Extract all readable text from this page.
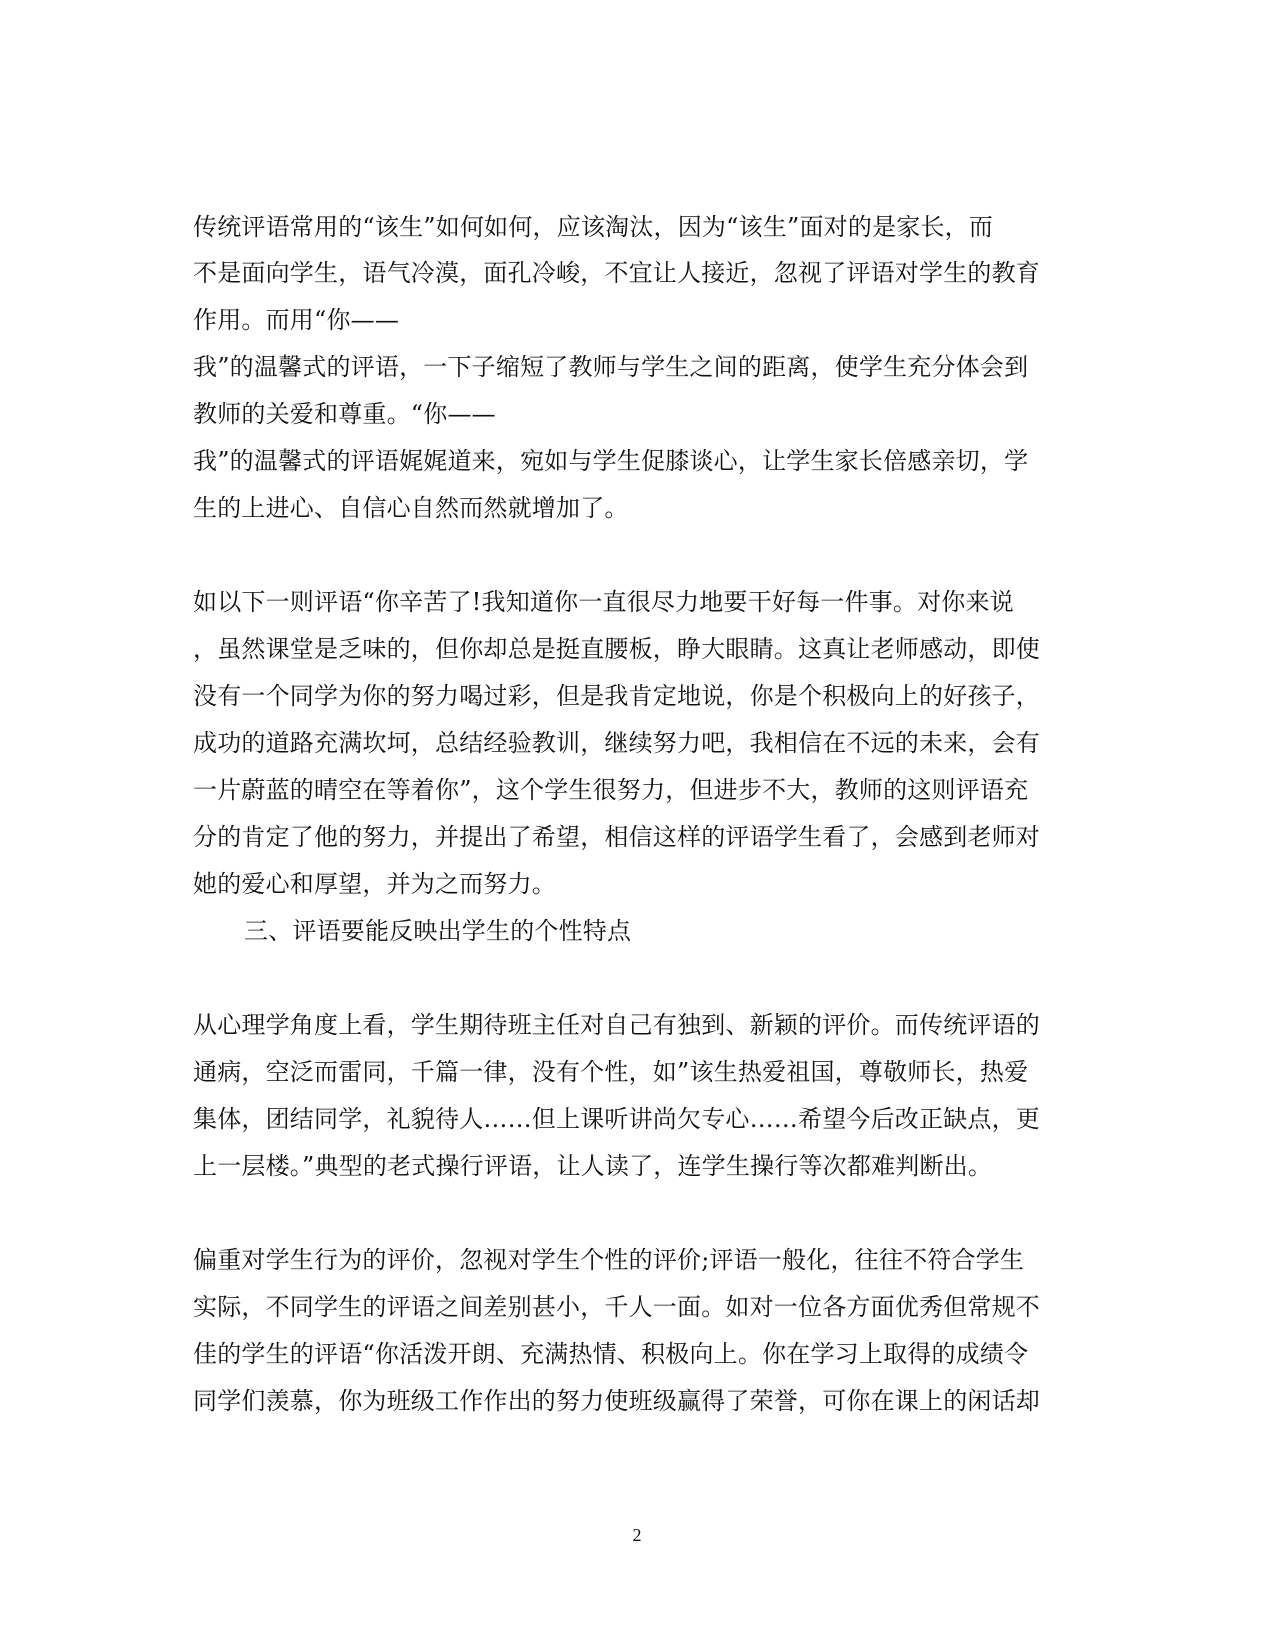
传统评语常用的“该生”如何如何，应该淘汰，因为“该生”面对的是家长，而
不是面向学生，语气冷漠，面孔冷峻，不宜让人接近，忽视了评语对学生的教育
作用。而用“你——
我”的温馨式的评语，一下子缩短了教师与学生之间的距离，使学生充分体会到
教师的关爱和尊重。“你——
我”的温馨式的评语娓娓道来，宛如与学生促膝谈心，让学生家长倍感亲切，学
生的上进心、自信心自然而然就增加了。
如以下一则评语“你辛苦了!我知道你一直很尽力地要干好每一件事。对你来说
，虽然课堂是乏味的，但你却总是挺直腰板，睁大眼睛。这真让老师感动，即使
没有一个同学为你的努力喝过彩，但是我肯定地说，你是个积极向上的好孩子，
成功的道路充满坎坷，总结经验教训，继续努力吧，我相信在不远的未来，会有
一片蔚蓝的晴空在等着你”，这个学生很努力，但进步不大，教师的这则评语充
分的肯定了他的努力，并提出了希望，相信这样的评语学生看了，会感到老师对
她的爱心和厚望，并为之而努力。
三、评语要能反映出学生的个性特点
从心理学角度上看，学生期待班主任对自己有独到、新颖的评价。而传统评语的
通病，空泛而雷同，千篇一律，没有个性，如”该生热爱祖国，尊敬师长，热爱
集体，团结同学，礼貌待人……但上课听讲尚欠专心……希望今后改正缺点，更
上一层楼。”典型的老式操行评语，让人读了，连学生操行等次都难判断出。
偏重对学生行为的评价，忽视对学生个性的评价;评语一般化，往往不符合学生
实际，不同学生的评语之间差别甚小，千人一面。如对一位各方面优秀但常规不
佳的学生的评语“你活泼开朗、充满热情、积极向上。你在学习上取得的成绩令
同学们羡慕，你为班级工作作出的努力使班级赢得了荣誉，可你在课上的闲话却
2
